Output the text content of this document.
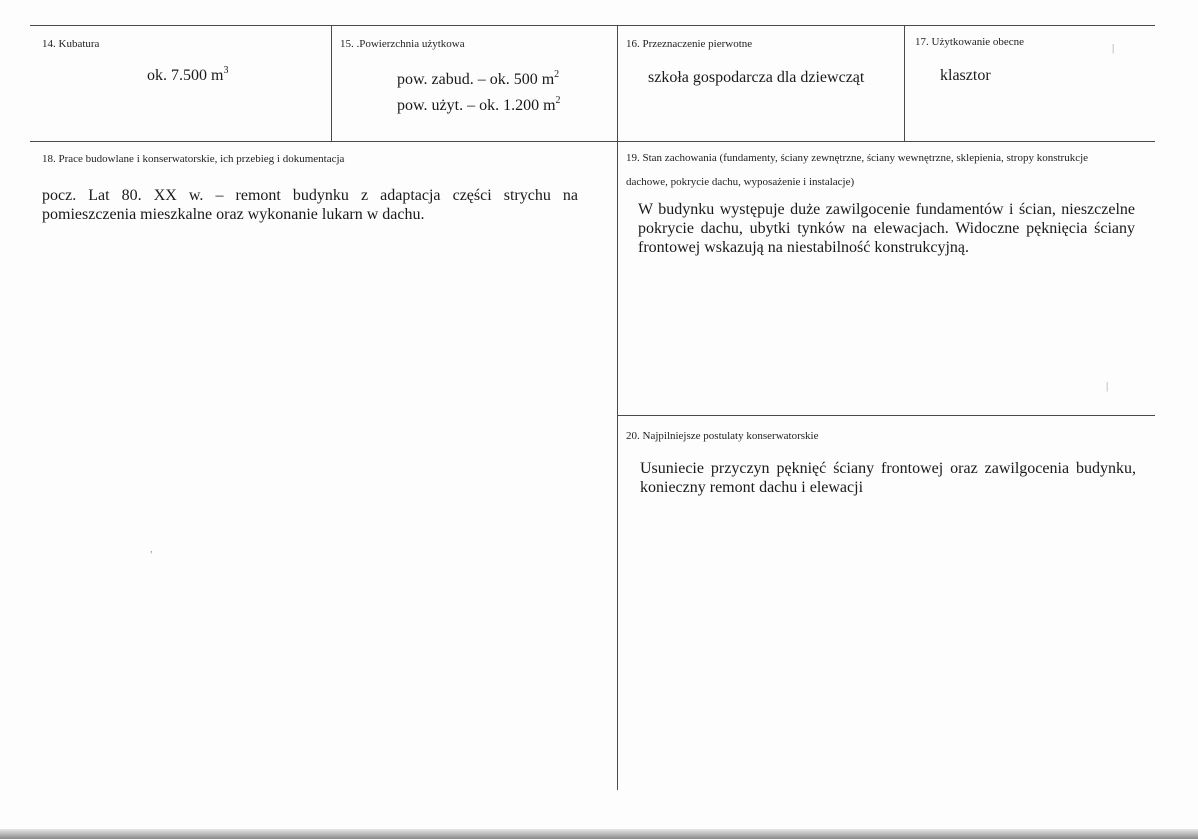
14. Kubatura
ok. 7.500 $m^3$
15. .Powierzchnia użytkowa
pow. zabud. – ok. 500 $m^2$
pow. użyt. – ok. 1.200 $m^2$
16. Przeznaczenie pierwotne
szkoła gospodarcza dla dziewcząt
17. Użytkowanie obecne
klasztor
18. Prace budowlane i konserwatorskie, ich przebieg i dokumentacja
pocz. Lat 80. XX w. – remont budynku z adaptacja części strychu na pomieszczenia mieszkalne oraz wykonanie lukarn w dachu.
19. Stan zachowania (fundamenty, ściany zewnętrzne, ściany wewnętrzne, sklepienia, stropy konstrukcje dachowe, pokrycie dachu, wyposażenie i instalacje)
W budynku występuje duże zawilgocenie fundamentów i ścian, nieszczelne pokrycie dachu, ubytki tynków na elewacjach. Widoczne pęknięcia ściany frontowej wskazują na niestabilność konstrukcyjną.
20. Najpilniejsze postulaty konserwatorskie
Usuniecie przyczyn pęknięć ściany frontowej oraz zawilgocenia budynku, konieczny remont dachu i elewacji
,
|
|
